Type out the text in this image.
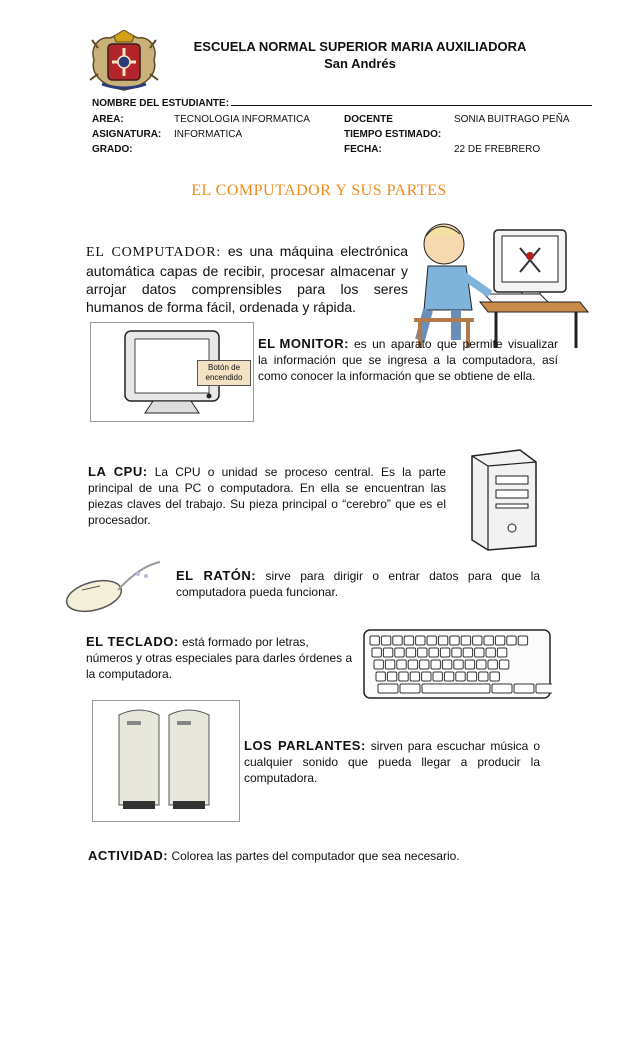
ESCUELA NORMAL SUPERIOR MARIA AUXILIADORA
San Andrés
NOMBRE DEL ESTUDIANTE:
AREA:	TECNOLOGIA INFORMATICA	DOCENTE	SONIA BUITRAGO PEÑA
ASIGNATURA:	INFORMATICA	TIEMPO ESTIMADO:	
GRADO:		FECHA:	22 DE FREBRERO
EL COMPUTADOR Y SUS PARTES
EL COMPUTADOR: es una máquina electrónica automática capas de recibir, procesar almacenar y arrojar datos comprensibles para los seres humanos de forma fácil, ordenada y rápida.
Botón de encendido
EL MONITOR: es un aparato que permite visualizar la información que se ingresa a la computadora, así como conocer la información que se obtiene de ella.
LA CPU: La CPU o unidad se proceso central. Es la parte principal de una PC o computadora. En ella se encuentran las piezas claves del trabajo. Su pieza principal o “cerebro” que es el procesador.
EL RATÓN: sirve para dirigir o entrar datos para que la computadora pueda funcionar.
EL TECLADO: está formado por letras, números y otras especiales para darles órdenes a la computadora.
LOS PARLANTES: sirven para escuchar música o cualquier sonido que pueda llegar a producir la computadora.
ACTIVIDAD: Colorea las partes del computador que sea necesario.
